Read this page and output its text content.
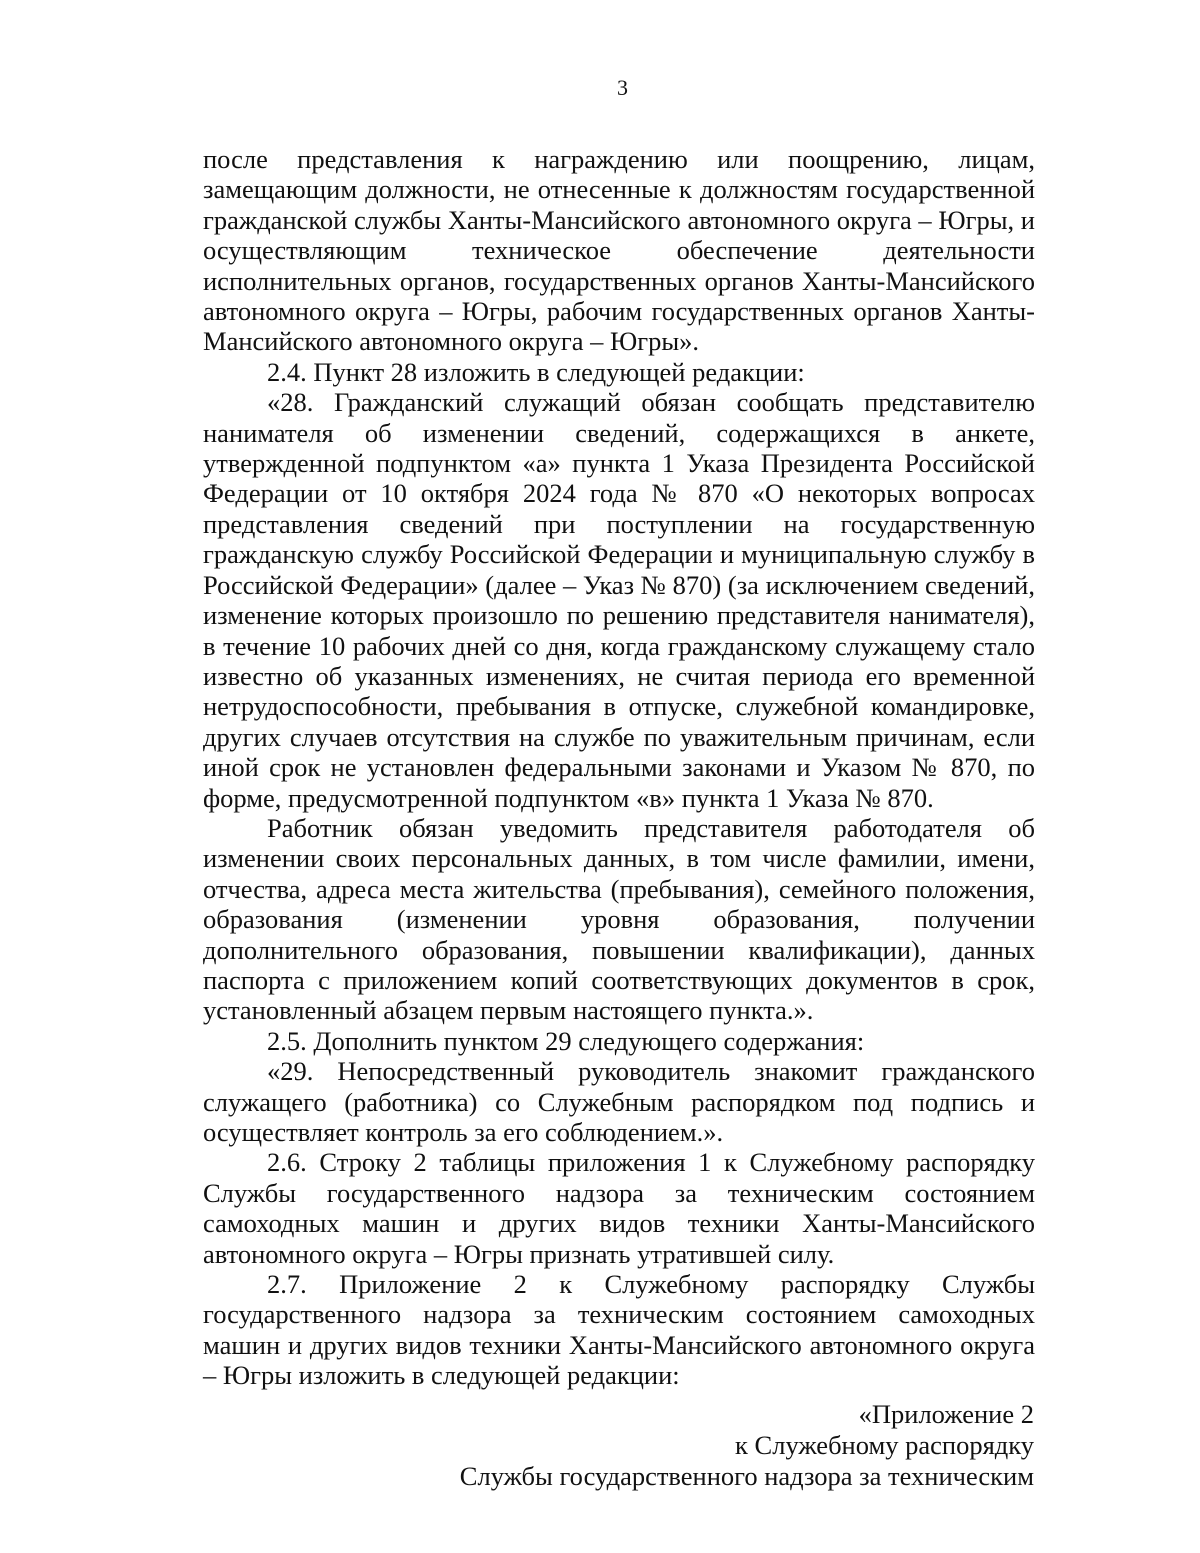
3

после представления к награждению или поощрению, лицам, замещающим должности, не отнесенные к должностям государственной гражданской службы Ханты-Мансийского автономного округа – Югры, и осуществляющим техническое обеспечение деятельности исполнительных органов, государственных органов Ханты-Мансийского автономного округа – Югры, рабочим государственных органов Ханты-Мансийского автономного округа – Югры».

2.4. Пункт 28 изложить в следующей редакции:

«28. Гражданский служащий обязан сообщать представителю нанимателя об изменении сведений, содержащихся в анкете, утвержденной подпунктом «а» пункта 1 Указа Президента Российской Федерации от 10 октября 2024 года № 870 «О некоторых вопросах представления сведений при поступлении на государственную гражданскую службу Российской Федерации и муниципальную службу в Российской Федерации» (далее – Указ № 870) (за исключением сведений, изменение которых произошло по решению представителя нанимателя), в течение 10 рабочих дней со дня, когда гражданскому служащему стало известно об указанных изменениях, не считая периода его временной нетрудоспособности, пребывания в отпуске, служебной командировке, других случаев отсутствия на службе по уважительным причинам, если иной срок не установлен федеральными законами и Указом № 870, по форме, предусмотренной подпунктом «в» пункта 1 Указа № 870.

Работник обязан уведомить представителя работодателя об изменении своих персональных данных, в том числе фамилии, имени, отчества, адреса места жительства (пребывания), семейного положения, образования (изменении уровня образования, получении дополнительного образования, повышении квалификации), данных паспорта с приложением копий соответствующих документов в срок, установленный абзацем первым настоящего пункта.».

2.5. Дополнить пунктом 29 следующего содержания:

«29. Непосредственный руководитель знакомит гражданского служащего (работника) со Служебным распорядком под подпись и осуществляет контроль за его соблюдением.».

2.6. Строку 2 таблицы приложения 1 к Служебному распорядку Службы государственного надзора за техническим состоянием самоходных машин и других видов техники Ханты-Мансийского автономного округа – Югры признать утратившей силу.

2.7. Приложение 2 к Служебному распорядку Службы государственного надзора за техническим состоянием самоходных машин и других видов техники Ханты-Мансийского автономного округа – Югры изложить в следующей редакции:

«Приложение 2
к Служебному распорядку
Службы государственного надзора за техническим
